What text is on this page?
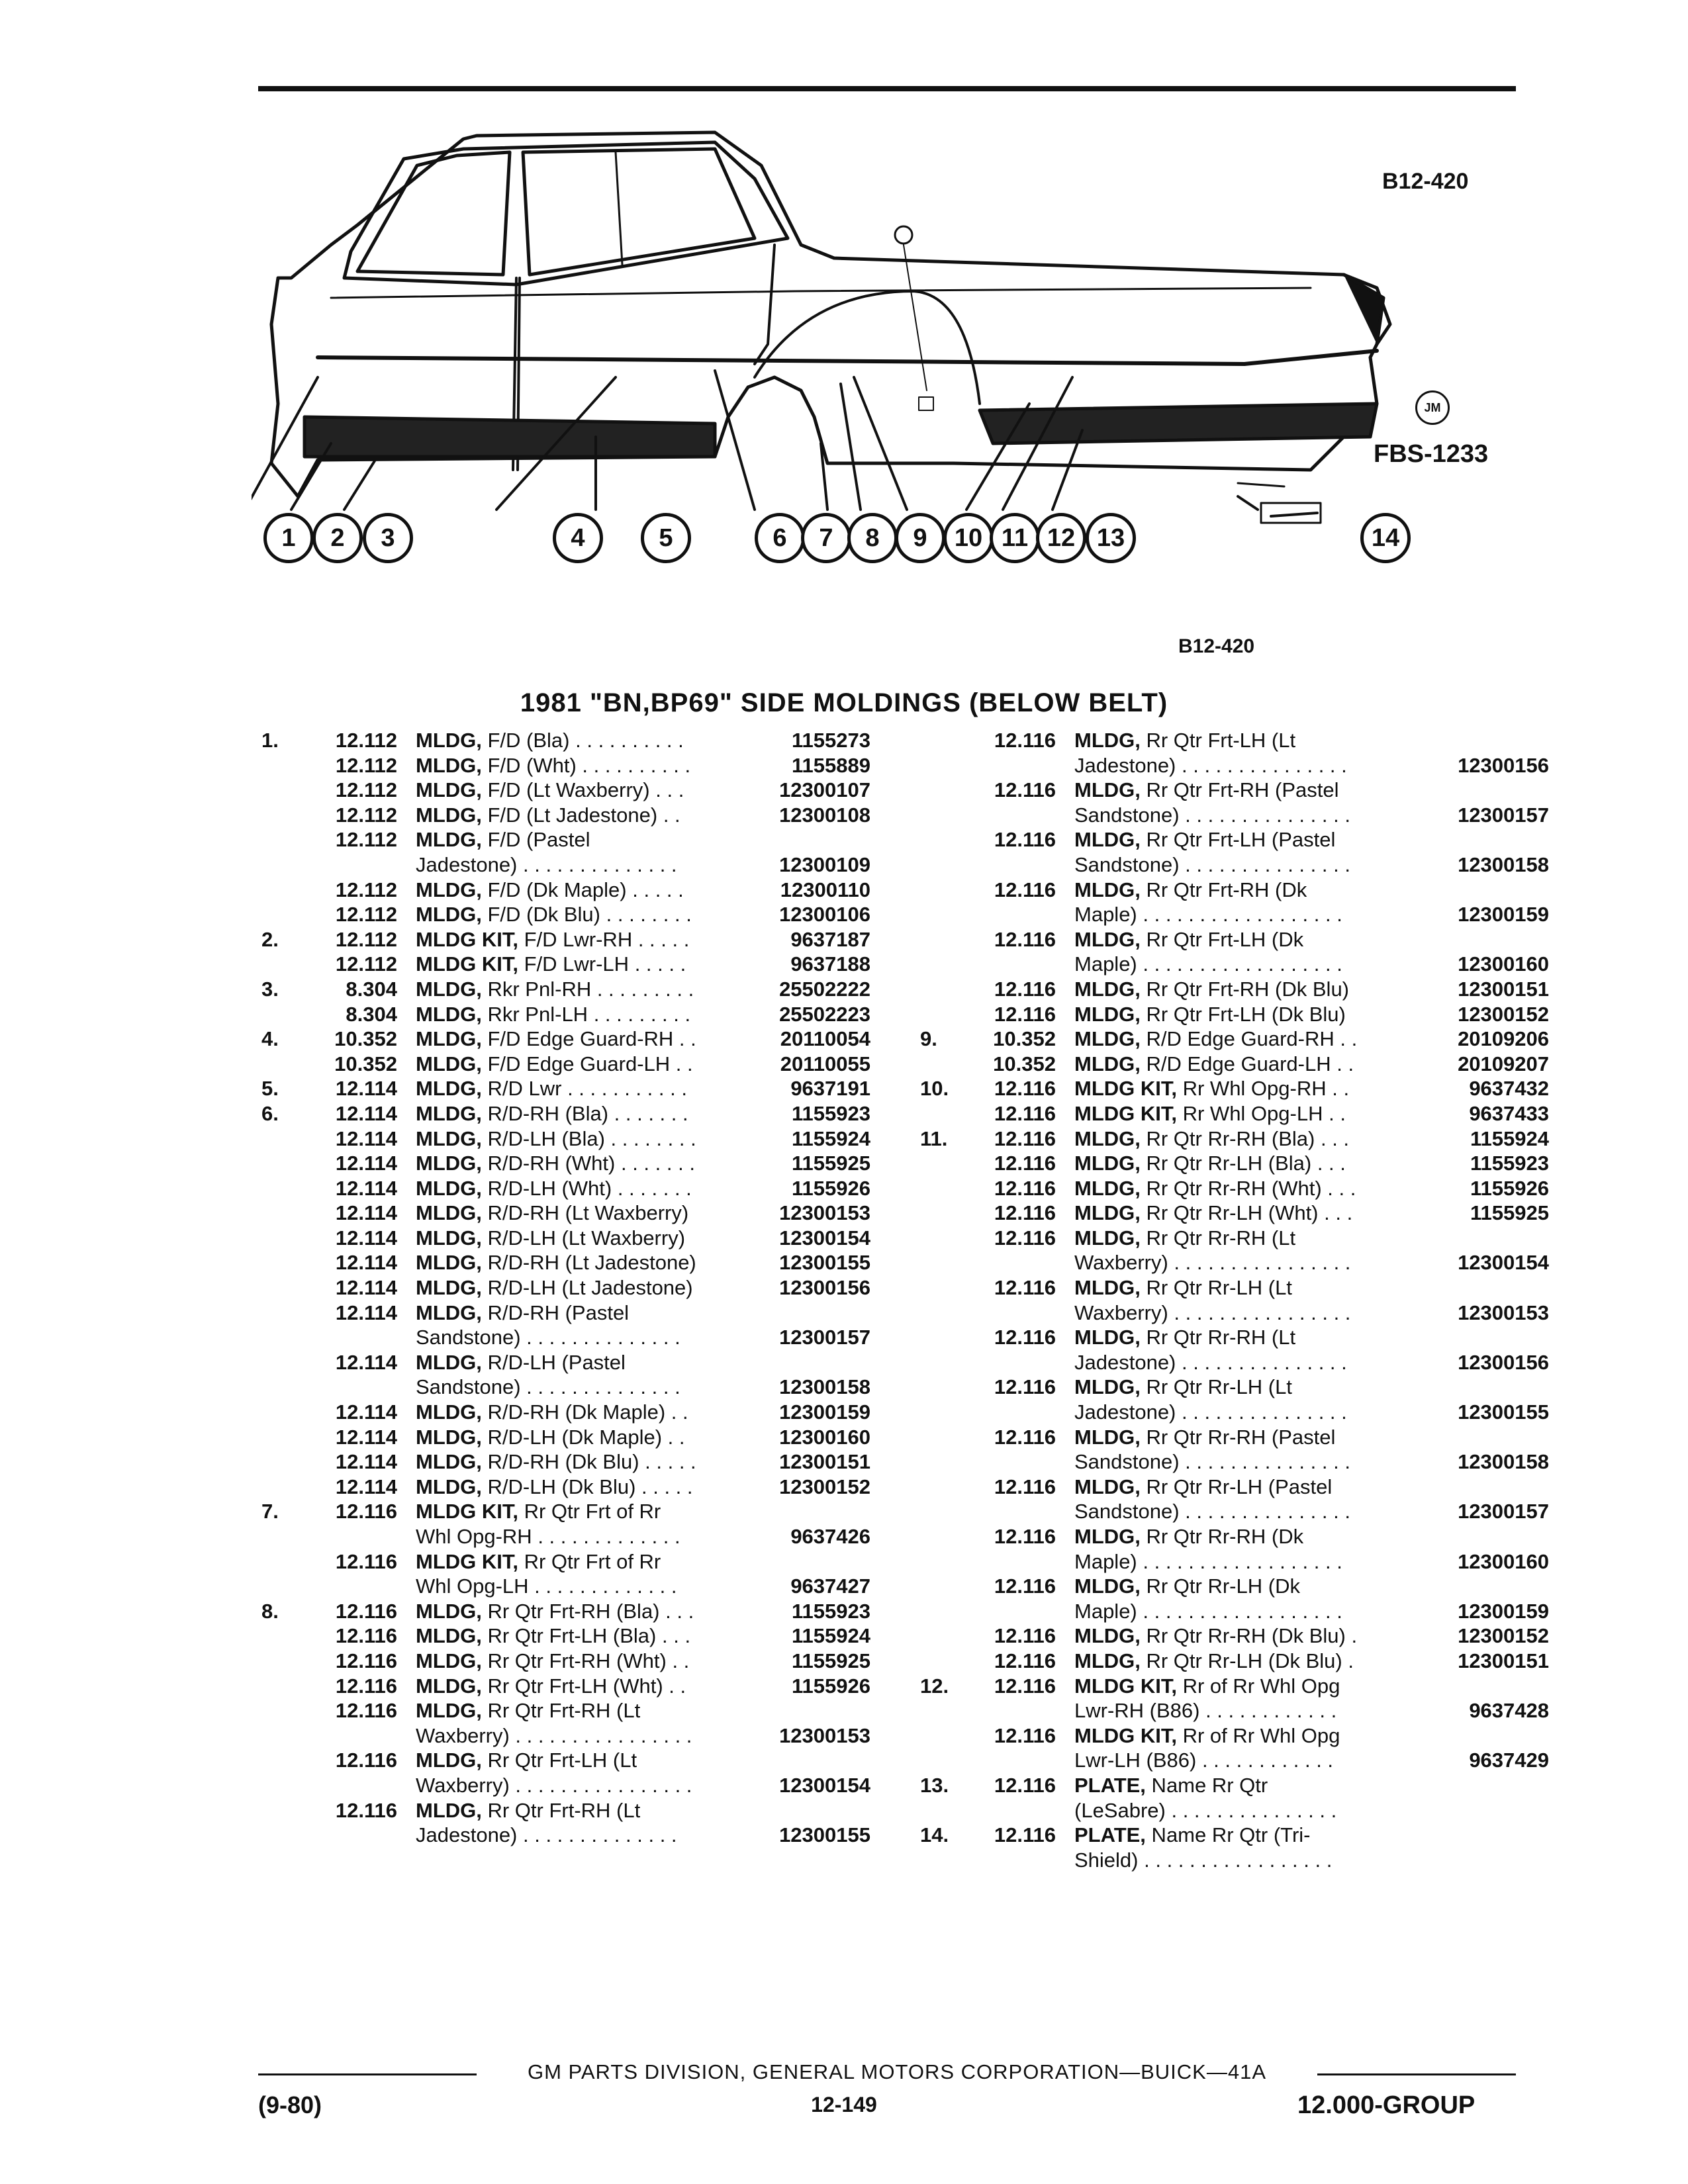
B12-420
JM
FBS-1233
1	2	3	4	5	6	7	8	9	10 11 12 13	14
B12-420
1981 "BN,BP69" SIDE MOLDINGS (BELOW BELT)
1.	12.112 MLDG, F/D (Bla) . . . . . . . . . .	1155273
12.112 MLDG, F/D (Wht) . . . . . . . . . .	1155889
12.112 MLDG, F/D (Lt Waxberry) . . .	12300107
12.112 MLDG, F/D (Lt Jadestone) . .	12300108
12.112 MLDG, F/D (Pastel
Jadestone) . . . . . . . . . . . . . .	12300109
12.112 MLDG, F/D (Dk Maple) . . . . .	12300110
12.112 MLDG, F/D (Dk Blu) . . . . . . . .	12300106
2.	12.112 MLDG KIT, F/D Lwr-RH . . . . .	9637187
12.112 MLDG KIT, F/D Lwr-LH . . . . .	9637188
3.	8.304 MLDG, Rkr Pnl-RH . . . . . . . . .	25502222
8.304 MLDG, Rkr Pnl-LH . . . . . . . . .	25502223
4.	10.352 MLDG, F/D Edge Guard-RH . .	20110054
10.352 MLDG, F/D Edge Guard-LH . .	20110055
5.	12.114 MLDG, R/D Lwr . . . . . . . . . . .	9637191
6.	12.114 MLDG, R/D-RH (Bla) . . . . . . .	1155923
12.114 MLDG, R/D-LH (Bla) . . . . . . . .	1155924
12.114 MLDG, R/D-RH (Wht) . . . . . . .	1155925
12.114 MLDG, R/D-LH (Wht) . . . . . . .	1155926
12.114 MLDG, R/D-RH (Lt Waxberry)	12300153
12.114 MLDG, R/D-LH (Lt Waxberry)	12300154
12.114 MLDG, R/D-RH (Lt Jadestone)	12300155
12.114 MLDG, R/D-LH (Lt Jadestone)	12300156
12.114 MLDG, R/D-RH (Pastel
Sandstone) . . . . . . . . . . . . . .	12300157
12.114 MLDG, R/D-LH (Pastel
Sandstone) . . . . . . . . . . . . . .	12300158
12.114 MLDG, R/D-RH (Dk Maple) . .	12300159
12.114 MLDG, R/D-LH (Dk Maple) . .	12300160
12.114 MLDG, R/D-RH (Dk Blu) . . . . .	12300151
12.114 MLDG, R/D-LH (Dk Blu) . . . . .	12300152
7.	12.116 MLDG KIT, Rr Qtr Frt of Rr
Whl Opg-RH . . . . . . . . . . . . .	9637426
12.116 MLDG KIT, Rr Qtr Frt of Rr
Whl Opg-LH . . . . . . . . . . . . .	9637427
8.	12.116 MLDG, Rr Qtr Frt-RH (Bla) . . .	1155923
12.116 MLDG, Rr Qtr Frt-LH (Bla) . . .	1155924
12.116 MLDG, Rr Qtr Frt-RH (Wht) . .	1155925
12.116 MLDG, Rr Qtr Frt-LH (Wht) . .	1155926
12.116 MLDG, Rr Qtr Frt-RH (Lt
Waxberry) . . . . . . . . . . . . . . . .	12300153
12.116 MLDG, Rr Qtr Frt-LH (Lt
Waxberry) . . . . . . . . . . . . . . . .	12300154
12.116 MLDG, Rr Qtr Frt-RH (Lt
Jadestone) . . . . . . . . . . . . . .	12300155
12.116 MLDG, Rr Qtr Frt-LH (Lt
Jadestone) . . . . . . . . . . . . . . .	12300156
12.116 MLDG, Rr Qtr Frt-RH (Pastel
Sandstone) . . . . . . . . . . . . . . .	12300157
12.116 MLDG, Rr Qtr Frt-LH (Pastel
Sandstone) . . . . . . . . . . . . . . .	12300158
12.116 MLDG, Rr Qtr Frt-RH (Dk
Maple) . . . . . . . . . . . . . . . . . .	12300159
12.116 MLDG, Rr Qtr Frt-LH (Dk
Maple) . . . . . . . . . . . . . . . . . .	12300160
12.116 MLDG, Rr Qtr Frt-RH (Dk Blu)	12300151
12.116 MLDG, Rr Qtr Frt-LH (Dk Blu)	12300152
9.	10.352 MLDG, R/D Edge Guard-RH . .	20109206
10.352 MLDG, R/D Edge Guard-LH . .	20109207
10.	12.116 MLDG KIT, Rr Whl Opg-RH . .	9637432
12.116 MLDG KIT, Rr Whl Opg-LH . .	9637433
11.	12.116 MLDG, Rr Qtr Rr-RH (Bla) . . .	1155924
12.116 MLDG, Rr Qtr Rr-LH (Bla) . . .	1155923
12.116 MLDG, Rr Qtr Rr-RH (Wht) . . .	1155926
12.116 MLDG, Rr Qtr Rr-LH (Wht) . . .	1155925
12.116 MLDG, Rr Qtr Rr-RH (Lt
Waxberry) . . . . . . . . . . . . . . . .	12300154
12.116 MLDG, Rr Qtr Rr-LH (Lt
Waxberry) . . . . . . . . . . . . . . . .	12300153
12.116 MLDG, Rr Qtr Rr-RH (Lt
Jadestone) . . . . . . . . . . . . . . .	12300156
12.116 MLDG, Rr Qtr Rr-LH (Lt
Jadestone) . . . . . . . . . . . . . . .	12300155
12.116 MLDG, Rr Qtr Rr-RH (Pastel
Sandstone) . . . . . . . . . . . . . . .	12300158
12.116 MLDG, Rr Qtr Rr-LH (Pastel
Sandstone) . . . . . . . . . . . . . . .	12300157
12.116 MLDG, Rr Qtr Rr-RH (Dk
Maple) . . . . . . . . . . . . . . . . . .	12300160
12.116 MLDG, Rr Qtr Rr-LH (Dk
Maple) . . . . . . . . . . . . . . . . . .	12300159
12.116 MLDG, Rr Qtr Rr-RH (Dk Blu) .	12300152
12.116 MLDG, Rr Qtr Rr-LH (Dk Blu) .	12300151
12.	12.116 MLDG KIT, Rr of Rr Whl Opg
Lwr-RH (B86) . . . . . . . . . . . .	9637428
12.116 MLDG KIT, Rr of Rr Whl Opg
Lwr-LH (B86) . . . . . . . . . . . .	9637429
13.	12.116 PLATE, Name Rr Qtr
(LeSabre) . . . . . . . . . . . . . . .
14.	12.116 PLATE, Name Rr Qtr (Tri-
Shield) . . . . . . . . . . . . . . . . .
GM PARTS DIVISION, GENERAL MOTORS CORPORATION—BUICK—41A
(9-80)	12-149	12.000-GROUP
